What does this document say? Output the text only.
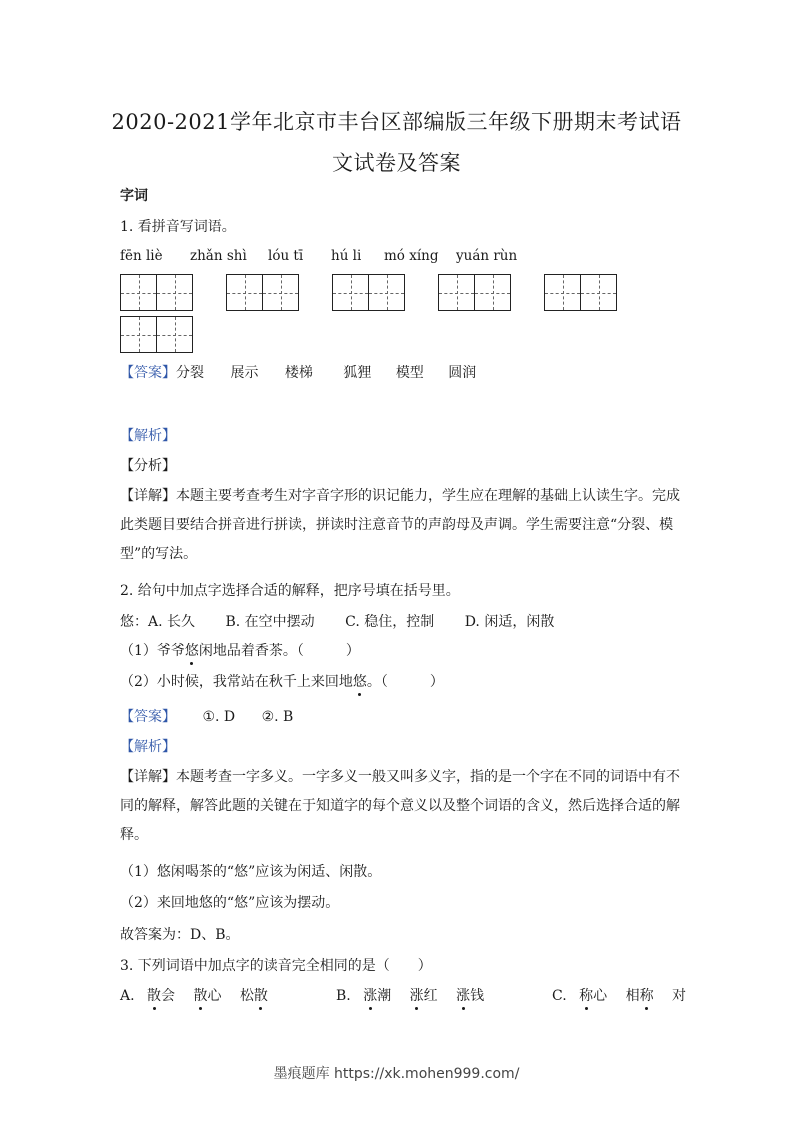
2020-2021学年北京市丰台区部编版三年级下册期末考试语
文试卷及答案
字词
1. 看拼音写词语。
fēn liè zhǎn shì lóu tī hú li mó xíng yuán rùn
【答案】分裂 展示 楼梯 狐狸 模型 圆润
【解析】
【分析】
【详解】本题主要考查考生对字音字形的识记能力，学生应在理解的基础上认读生字。完成此类题目要结合拼音进行拼读，拼读时注意音节的声韵母及声调。学生需要注意“分裂、模型”的写法。
2. 给句中加点字选择合适的解释，把序号填在括号里。
悠：A. 长久 B. 在空中摆动 C. 稳住，控制 D. 闲适，闲散
（1）爷爷悠闲地品着香茶。（　　　）
（2）小时候，我常站在秋千上来回地悠。（　　　）
【答案】 ①. D ②. B
【解析】
【详解】本题考查一字多义。一字多义一般又叫多义字，指的是一个字在不同的词语中有不同的解释，解答此题的关键在于知道字的每个意义以及整个词语的含义，然后选择合适的解释。
（1）悠闲喝茶的“悠”应该为闲适、闲散。
（2）来回地悠的“悠”应该为摆动。
故答案为：D、B。
3. 下列词语中加点字的读音完全相同的是（　　）
A. 散会 散心 松散	B. 涨潮 涨红 涨钱	C. 称心 相称 对
墨痕题库 https://xk.mohen999.com/
